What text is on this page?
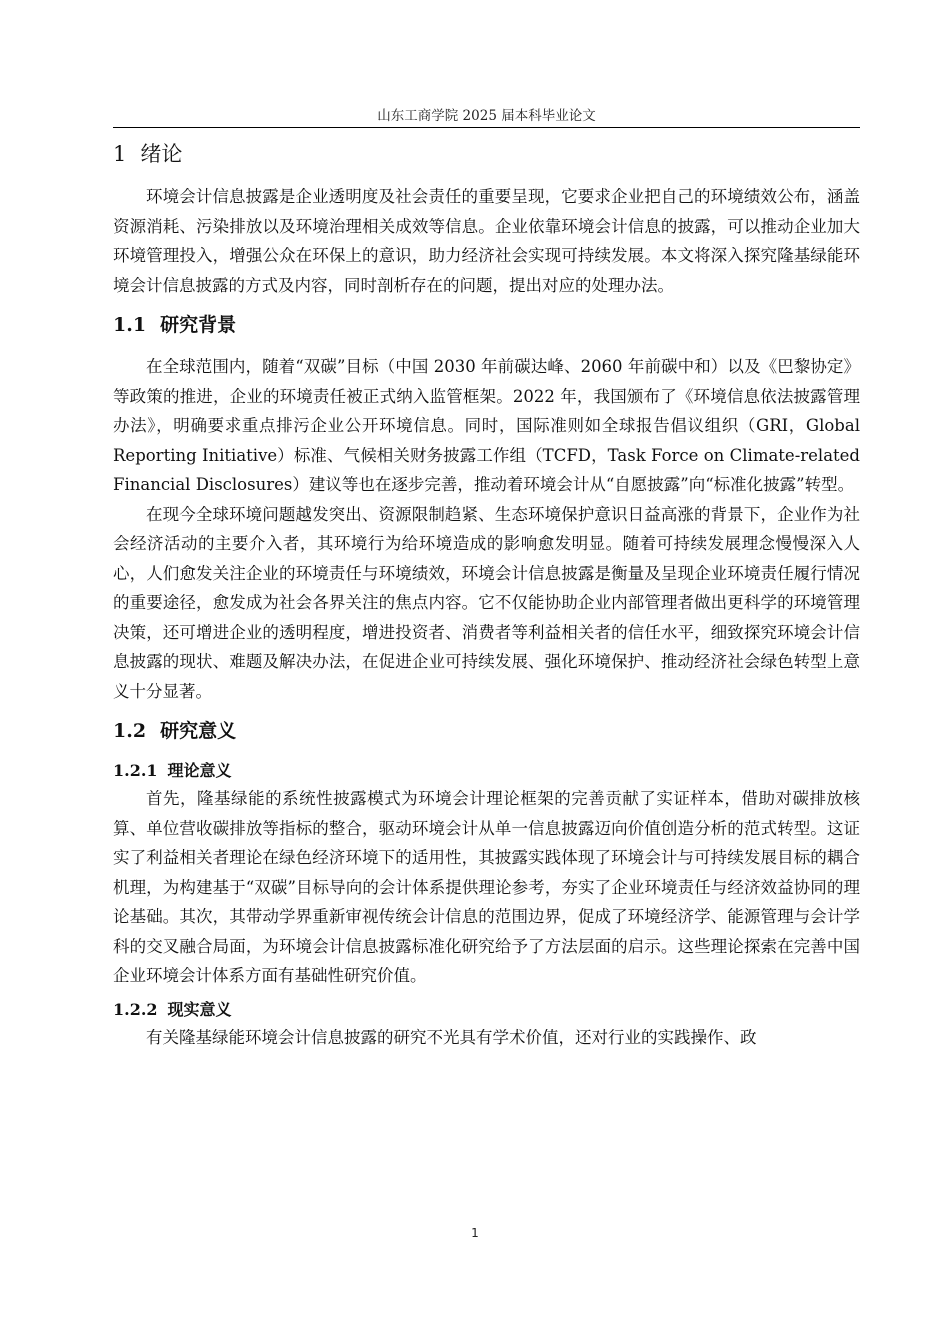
山东工商学院 2025 届本科毕业论文
1 绪论

环境会计信息披露是企业透明度及社会责任的重要呈现，它要求企业把自己的环境绩效公布，涵盖资源消耗、污染排放以及环境治理相关成效等信息。企业依靠环境会计信息的披露，可以推动企业加大环境管理投入，增强公众在环保上的意识，助力经济社会实现可持续发展。本文将深入探究隆基绿能环境会计信息披露的方式及内容，同时剖析存在的问题，提出对应的处理办法。

1.1 研究背景

在全球范围内，随着“双碳”目标（中国 2030 年前碳达峰、2060 年前碳中和）以及《巴黎协定》等政策的推进，企业的环境责任被正式纳入监管框架。2022 年，我国颁布了《环境信息依法披露管理办法》，明确要求重点排污企业公开环境信息。同时，国际准则如全球报告倡议组织（GRI，Global Reporting Initiative）标准、气候相关财务披露工作组（TCFD，Task Force on Climate-related Financial Disclosures）建议等也在逐步完善，推动着环境会计从“自愿披露”向“标准化披露”转型。

在现今全球环境问题越发突出、资源限制趋紧、生态环境保护意识日益高涨的背景下，企业作为社会经济活动的主要介入者，其环境行为给环境造成的影响愈发明显。随着可持续发展理念慢慢深入人心，人们愈发关注企业的环境责任与环境绩效，环境会计信息披露是衡量及呈现企业环境责任履行情况的重要途径，愈发成为社会各界关注的焦点内容。它不仅能协助企业内部管理者做出更科学的环境管理决策，还可增进企业的透明程度，增进投资者、消费者等利益相关者的信任水平，细致探究环境会计信息披露的现状、难题及解决办法，在促进企业可持续发展、强化环境保护、推动经济社会绿色转型上意义十分显著。

1.2 研究意义
1.2.1 理论意义

首先，隆基绿能的系统性披露模式为环境会计理论框架的完善贡献了实证样本，借助对碳排放核算、单位营收碳排放等指标的整合，驱动环境会计从单一信息披露迈向价值创造分析的范式转型。这证实了利益相关者理论在绿色经济环境下的适用性，其披露实践体现了环境会计与可持续发展目标的耦合机理，为构建基于“双碳”目标导向的会计体系提供理论参考，夯实了企业环境责任与经济效益协同的理论基础。其次，其带动学界重新审视传统会计信息的范围边界，促成了环境经济学、能源管理与会计学科的交叉融合局面，为环境会计信息披露标准化研究给予了方法层面的启示。这些理论探索在完善中国企业环境会计体系方面有基础性研究价值。

1.2.2 现实意义

有关隆基绿能环境会计信息披露的研究不光具有学术价值，还对行业的实践操作、政

1
